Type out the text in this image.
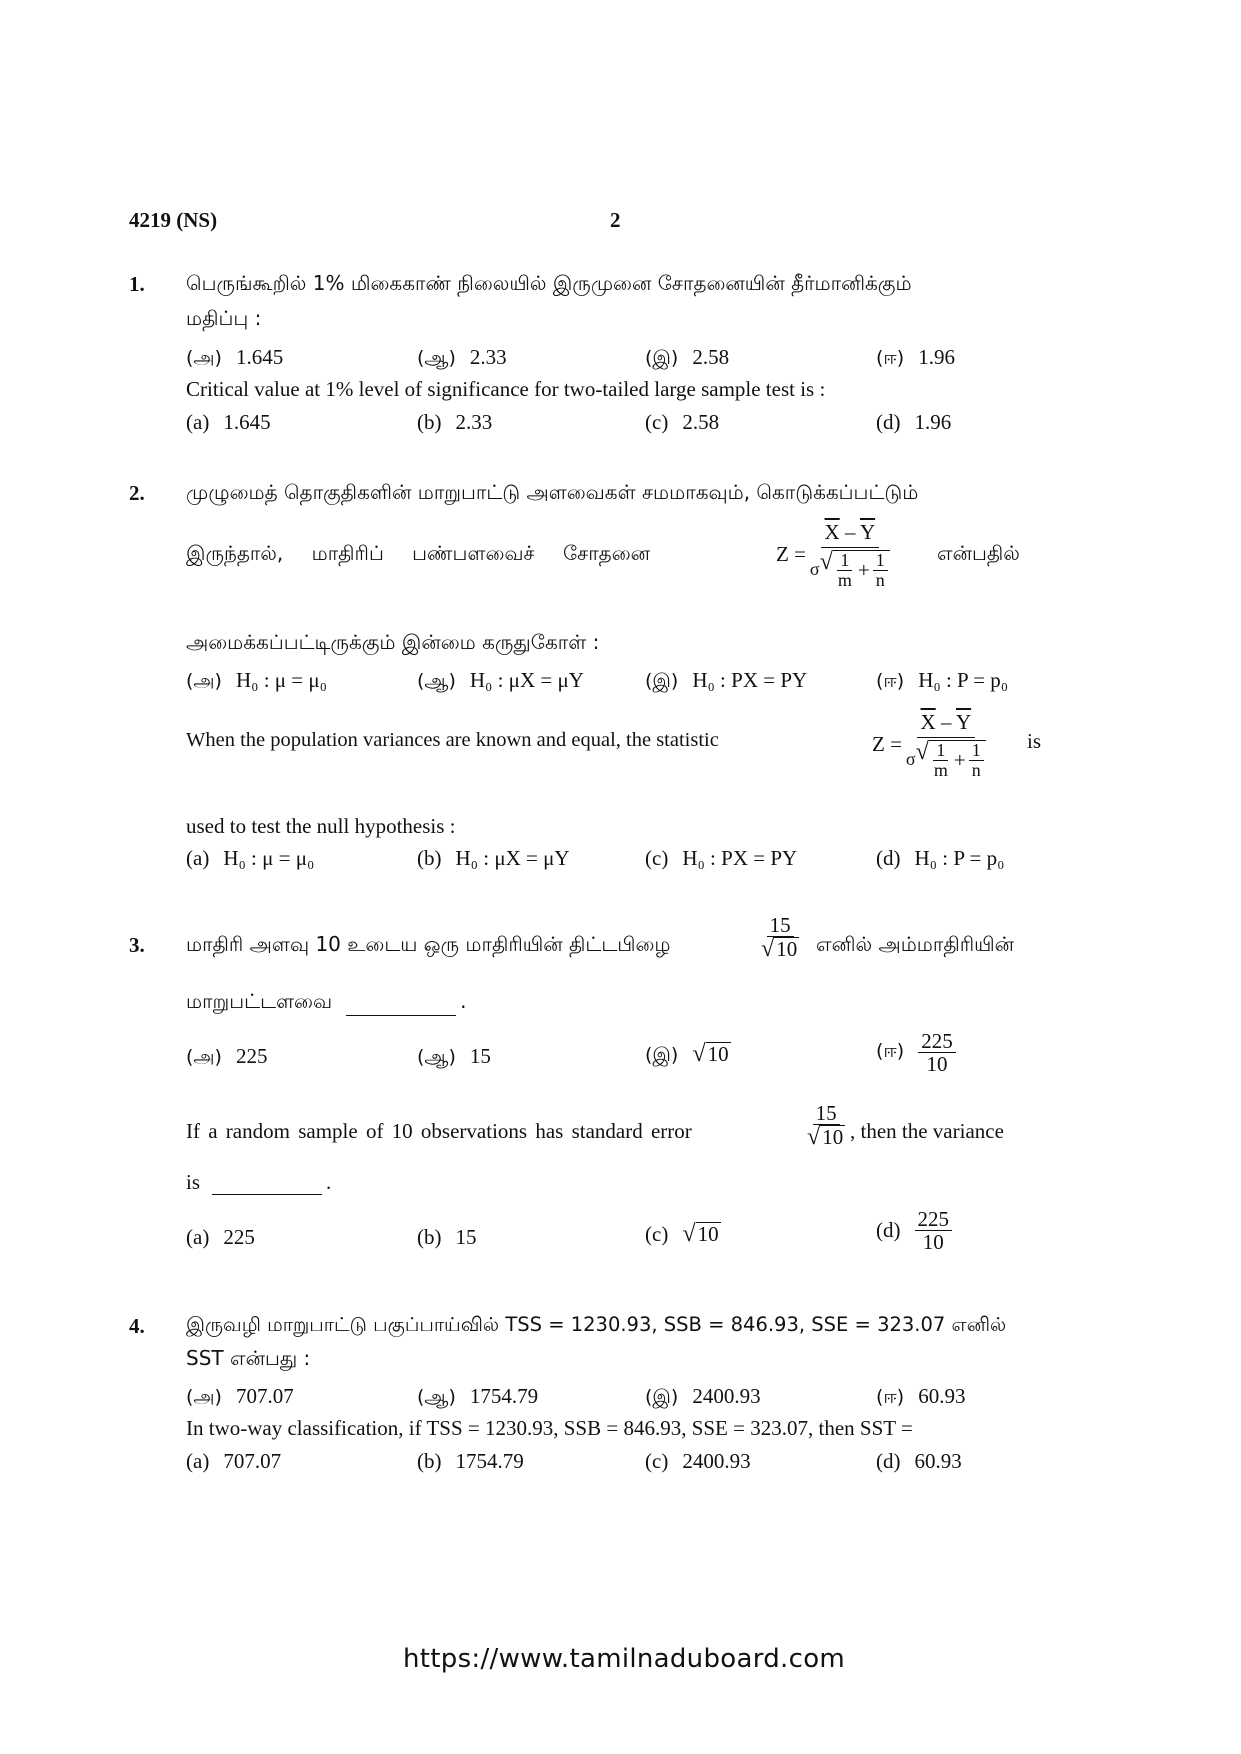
4219 (NS)	2
1. பெருங்கூறில் 1% மிகைகாண் நிலையில் இருமுனை சோதனையின் தீர்மானிக்கும்
மதிப்பு :
(அ) 1.645	(ஆ) 2.33	(இ) 2.58	(ஈ) 1.96
Critical value at 1% level of significance for two-tailed large sample test is :
(a) 1.645	(b) 2.33	(c) 2.58	(d) 1.96
2. முழுமைத் தொகுதிகளின் மாறுபாட்டு அளவைகள் சமமாகவும், கொடுக்கப்பட்டும்
இருந்தால், மாதிரிப் பண்பளவைச் சோதனை	$Z = \frac{\overline{X} - \overline{Y}}{\sigma √ \frac{1}{m} + \frac{1}{n}}$ என்பதில்
அமைக்கப்பட்டிருக்கும் இன்மை கருதுகோள் :
(அ) H₀ : μ = μ₀	(ஆ) H₀ : μX = μY	(இ) H₀ : PX = PY	(ஈ) H₀ : P = p₀
When the population variances are known and equal, the statistic	$Z = \frac{\overline{X} - \overline{Y}}{\sigma √ \frac{1}{m} + \frac{1}{n}}$ is
used to test the null hypothesis :
(a) H₀ : μ = μ₀	(b) H₀ : μX = μY	(c) H₀ : PX = PY	(d) H₀ : P = p₀
3. மாதிரி அளவு 10 உடைய ஒரு மாதிரியின் திட்டபிழை	$\frac{15}{√ 10}$ எனில் அம்மாதிரியின்
மாறுபட்டளவை	.
(அ) 225	(ஆ) 15	(இ) √ 10	(ஈ) $\frac{225}{10}$
If a random sample of 10 observations has standard error	$\frac{15}{√ 10}$ , then the variance
is	.
(a) 225	(b) 15	(c) √ 10	$(d) \frac{225}{10}$
4. இருவழி மாறுபாட்டு பகுப்பாய்வில் TSS = 1230.93, SSB = 846.93, SSE = 323.07 எனில்
SST என்பது :
(அ) 707.07	(ஆ) 1754.79	(இ) 2400.93	(ஈ) 60.93
In two-way classification, if TSS = 1230.93, SSB = 846.93, SSE = 323.07, then SST =
(a) 707.07	(b) 1754.79	(c) 2400.93	(d) 60.93
https://www.tamilnaduboard.com
